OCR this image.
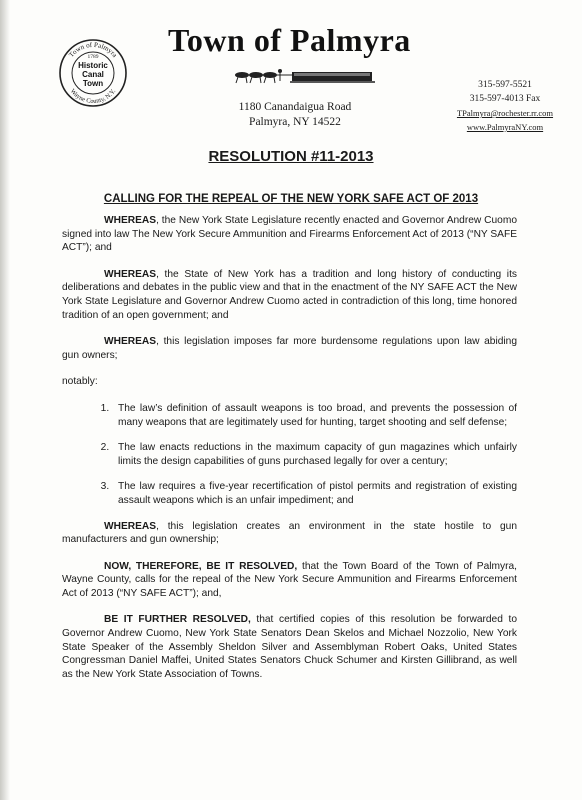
Town of Palmyra
Wayne County, N.Y.
1789
Historic
Canal
Town
Town of Palmyra
1180 Canandaigua Road
Palmyra, NY 14522
315-597-5521
315-597-4013 Fax
TPalmyra@rochester.rr.com
www.PalmyraNY.com
RESOLUTION #11-2013
CALLING FOR THE REPEAL OF THE NEW YORK SAFE ACT OF 2013

WHEREAS, the New York State Legislature recently enacted and Governor Andrew Cuomo signed into law The New York Secure Ammunition and Firearms Enforcement Act of 2013 (“NY SAFE ACT”); and

WHEREAS, the State of New York has a tradition and long history of conducting its deliberations and debates in the public view and that in the enactment of the NY SAFE ACT the New York State Legislature and Governor Andrew Cuomo acted in contradiction of this long, time honored tradition of an open government; and

WHEREAS, this legislation imposes far more burdensome regulations upon law abiding gun owners;

notably:

1. The law’s definition of assault weapons is too broad, and prevents the possession of many weapons that are legitimately used for hunting, target shooting and self defense;
2. The law enacts reductions in the maximum capacity of gun magazines which unfairly limits the design capabilities of guns purchased legally for over a century;
3. The law requires a five-year recertification of pistol permits and registration of existing assault weapons which is an unfair impediment; and

WHEREAS, this legislation creates an environment in the state hostile to gun manufacturers and gun ownership;

NOW, THEREFORE, BE IT RESOLVED, that the Town Board of the Town of Palmyra, Wayne County, calls for the repeal of the New York Secure Ammunition and Firearms Enforcement Act of 2013 (“NY SAFE ACT”); and,

BE IT FURTHER RESOLVED, that certified copies of this resolution be forwarded to Governor Andrew Cuomo, New York State Senators Dean Skelos and Michael Nozzolio, New York State Speaker of the Assembly Sheldon Silver and Assemblyman Robert Oaks, United States Congressman Daniel Maffei, United States Senators Chuck Schumer and Kirsten Gillibrand, as well as the New York State Association of Towns.
